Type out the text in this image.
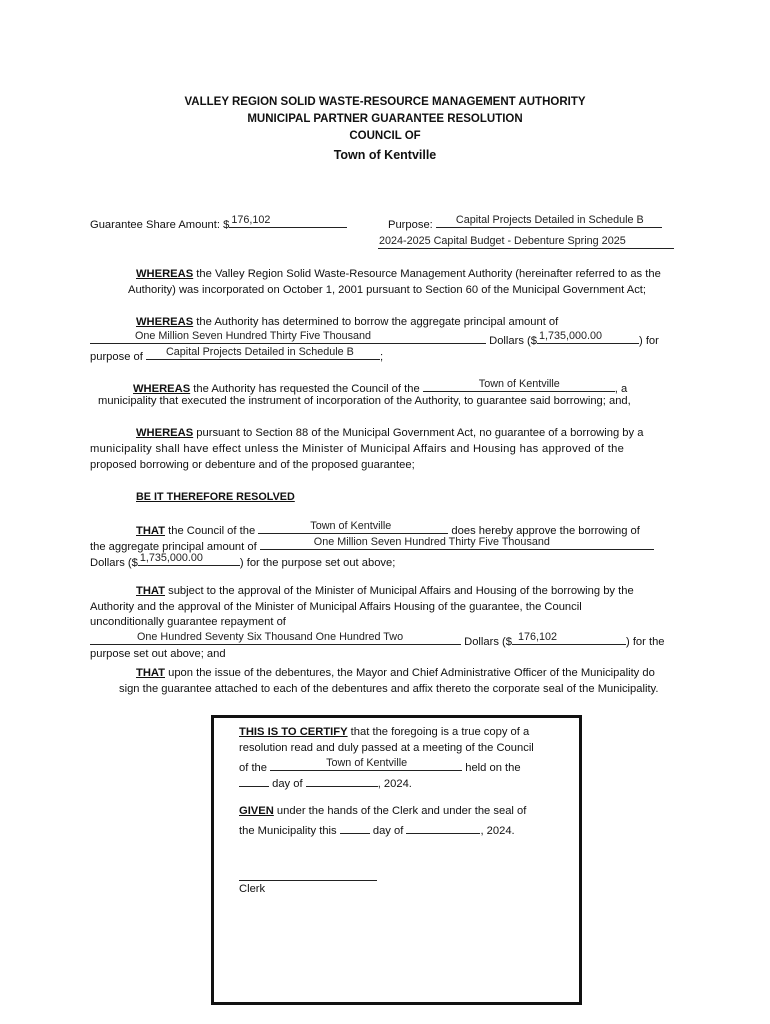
VALLEY REGION SOLID WASTE-RESOURCE MANAGEMENT AUTHORITY
MUNICIPAL PARTNER GUARANTEE RESOLUTION
COUNCIL OF
Town of Kentville
Guarantee Share Amount: $ 176,102	Purpose: Capital Projects Detailed in Schedule B
2024-2025 Capital Budget - Debenture Spring 2025
WHEREAS the Valley Region Solid Waste-Resource Management Authority (hereinafter referred to as the
Authority) was incorporated on October 1, 2001 pursuant to Section 60 of the Municipal Government Act;
WHEREAS the Authority has determined to borrow the aggregate principal amount of
One Million Seven Hundred Thirty Five Thousand	Dollars ($ 1,735,000.00	) for
purpose of Capital Projects Detailed in Schedule B ;
WHEREAS the Authority has requested the Council of the	Town of Kentville	, a
municipality that executed the instrument of incorporation of the Authority, to guarantee said borrowing; and,
WHEREAS pursuant to Section 88 of the Municipal Government Act, no guarantee of a borrowing by a
municipality shall have effect unless the Minister of Municipal Affairs and Housing has approved of the
proposed borrowing or debenture and of the proposed guarantee;
BE IT THEREFORE RESOLVED
THAT the Council of the	Town of Kentville	does hereby approve the borrowing of
the aggregate principal amount of	One Million Seven Hundred Thirty Five Thousand
Dollars ($ 1,735,000.00	) for the purpose set out above;
THAT subject to the approval of the Minister of Municipal Affairs and Housing of the borrowing by the
Authority and the approval of the Minister of Municipal Affairs Housing of the guarantee, the Council
unconditionally guarantee repayment of
One Hundred Seventy Six Thousand One Hundred Two	Dollars ($ 176,102	) for the
purpose set out above; and
THAT upon the issue of the debentures, the Mayor and Chief Administrative Officer of the Municipality do
sign the guarantee attached to each of the debentures and affix thereto the corporate seal of the Municipality.
THIS IS TO CERTIFY that the foregoing is a true copy of a
resolution read and duly passed at a meeting of the Council
of the	Town of Kentville	held on the
day of	, 2024.
GIVEN under the hands of the Clerk and under the seal of
the Municipality this	day of	, 2024.
Clerk
